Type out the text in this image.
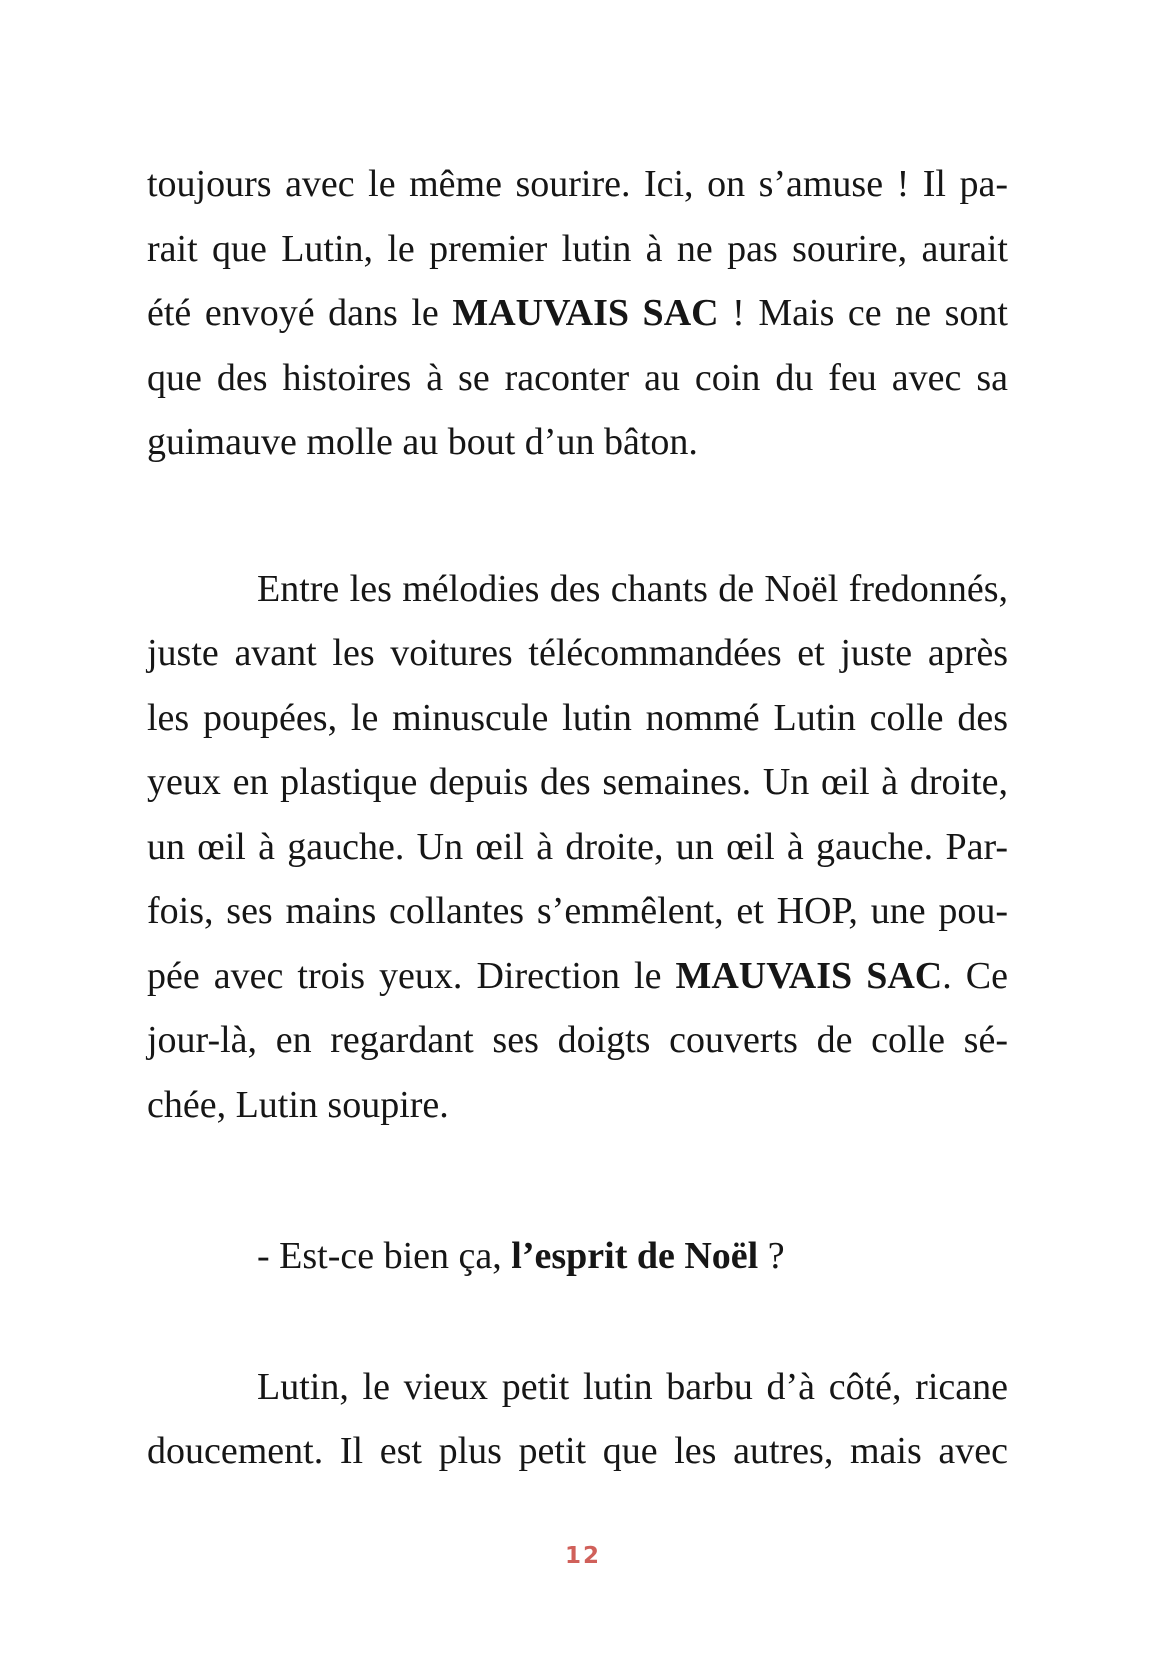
toujours avec le même sourire. Ici, on s’amuse ! Il pa-
rait que Lutin, le premier lutin à ne pas sourire, aurait
été envoyé dans le MAUVAIS SAC ! Mais ce ne sont
que des histoires à se raconter au coin du feu avec sa
guimauve molle au bout d’un bâton.
Entre les mélodies des chants de Noël fredonnés,
juste avant les voitures télécommandées et juste après
les poupées, le minuscule lutin nommé Lutin colle des
yeux en plastique depuis des semaines. Un œil à droite,
un œil à gauche. Un œil à droite, un œil à gauche. Par-
fois, ses mains collantes s’emmêlent, et HOP, une pou-
pée avec trois yeux. Direction le MAUVAIS SAC. Ce
jour-là, en regardant ses doigts couverts de colle sé-
chée, Lutin soupire.
- Est-ce bien ça, l’esprit de Noël ?
Lutin, le vieux petit lutin barbu d’à côté, ricane
doucement. Il est plus petit que les autres, mais avec
12
